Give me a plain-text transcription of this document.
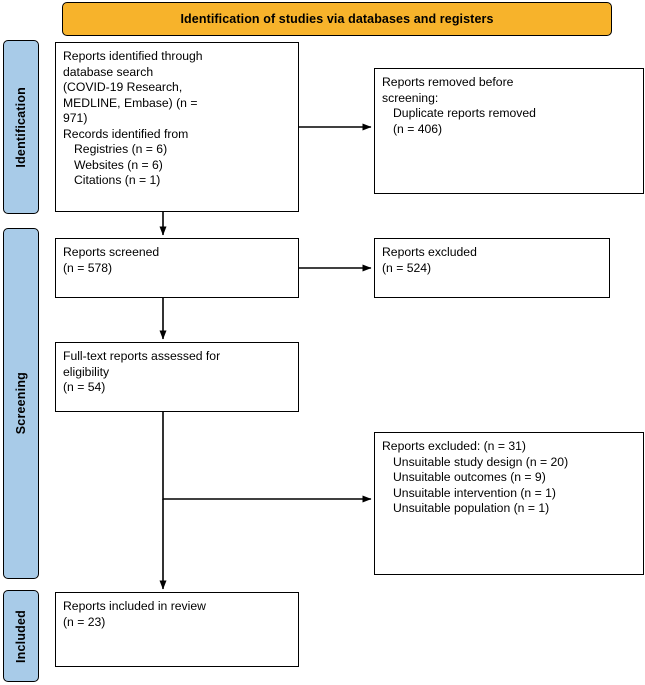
Identification of studies via databases and registers
Identification
Screening
Included
Reports identified through
database search
(COVID-19 Research,
MEDLINE, Embase) (n =
971)
Records identified from
Registries (n = 6)
Websites (n = 6)
Citations (n = 1)
Reports removed before
screening:
Duplicate reports removed
(n = 406)
Reports screened
(n = 578)
Reports excluded
(n = 524)
Full-text reports assessed for
eligibility
(n = 54)
Reports excluded: (n = 31)
Unsuitable study design (n = 20)
Unsuitable outcomes (n = 9)
Unsuitable intervention (n = 1)
Unsuitable population (n = 1)
Reports included in review
(n = 23)
